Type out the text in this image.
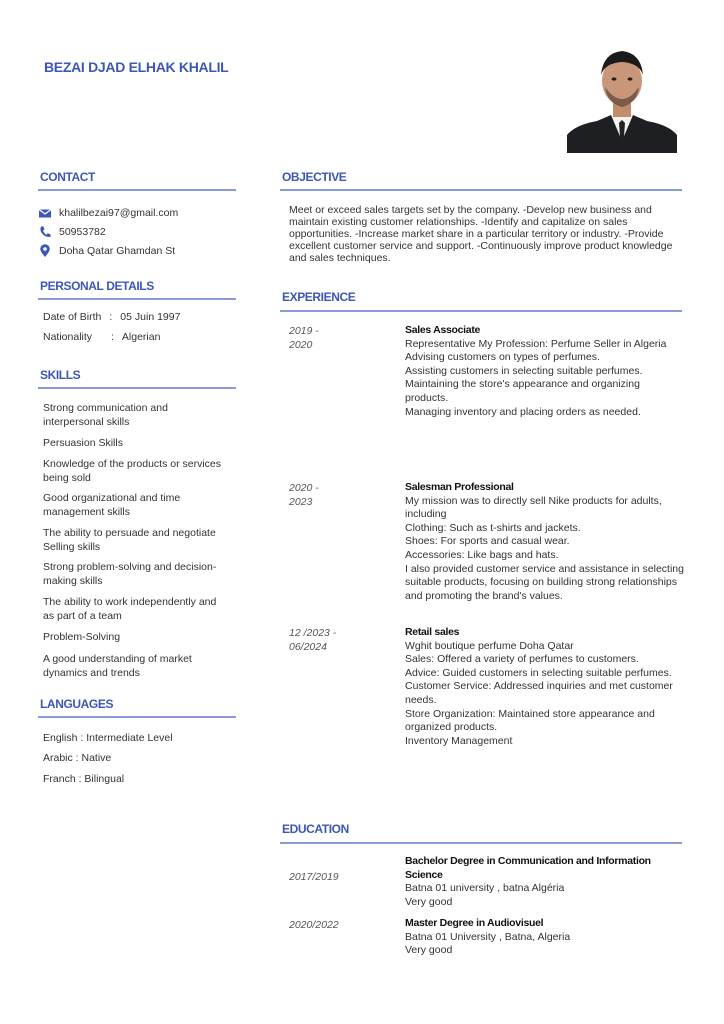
BEZAI DJAD ELHAK KHALIL
CONTACT
khalilbezai97@gmail.com
50953782
Doha Qatar Ghamdan St
PERSONAL DETAILS
Date of Birth : 05 Juin 1997
Nationality	: Algerian
SKILLS
Strong communication and interpersonal skills
Persuasion Skills
Knowledge of the products or services being sold
Good organizational and time management skills
The ability to persuade and negotiate Selling skills
Strong problem-solving and decision-making skills
The ability to work independently and as part of a team
Problem-Solving
A good understanding of market dynamics and trends
LANGUAGES
English : Intermediate Level
Arabic : Native
Franch : Bilingual
OBJECTIVE
Meet or exceed sales targets set by the company. -Develop new business and maintain existing customer relationships. -Identify and capitalize on sales opportunities. -Increase market share in a particular territory or industry. -Provide excellent customer service and support. -Continuously improve product knowledge and sales techniques.
EXPERIENCE
2019 -
2020
Sales Associate
Representative My Profession: Perfume Seller in Algeria
Advising customers on types of perfumes.
Assisting customers in selecting suitable perfumes.
Maintaining the store's appearance and organizing products.
Managing inventory and placing orders as needed.
2020 -
2023
Salesman Professional
My mission was to directly sell Nike products for adults, including
Clothing: Such as t-shirts and jackets.
Shoes: For sports and casual wear.
Accessories: Like bags and hats.
I also provided customer service and assistance in selecting suitable products, focusing on building strong relationships and promoting the brand's values.
12 /2023 -
06/2024
Retail sales
Wghit boutique perfume Doha Qatar
Sales: Offered a variety of perfumes to customers.
Advice: Guided customers in selecting suitable perfumes.
Customer Service: Addressed inquiries and met customer needs.
Store Organization: Maintained store appearance and organized products.
Inventory Management
EDUCATION
2017/2019
Bachelor Degree in Communication and Information Science
Batna 01 university , batna Algéria
Very good
2020/2022	Master Degree in Audiovisuel
Batna 01 University , Batna, Algeria
Very good
